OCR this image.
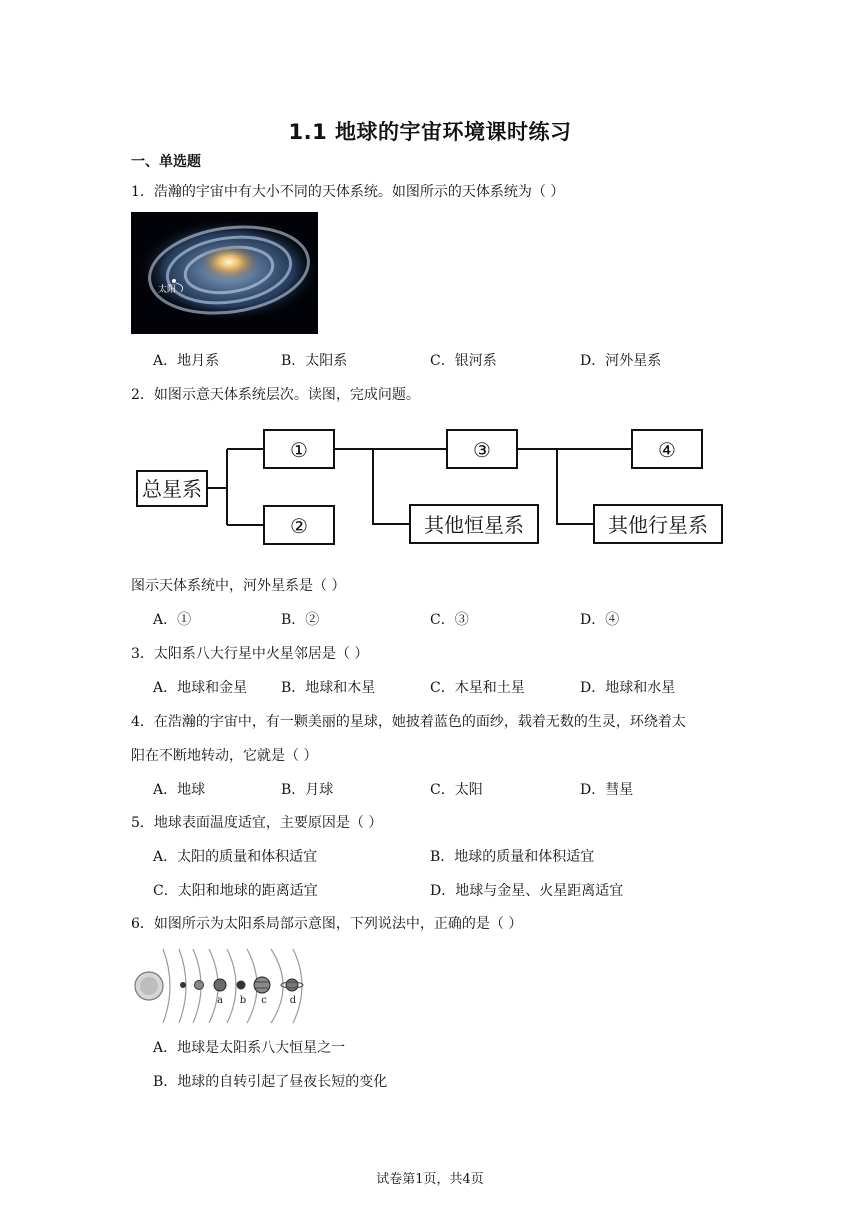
1.1 地球的宇宙环境课时练习
一、单选题
1．浩瀚的宇宙中有大小不同的天体系统。如图所示的天体系统为（ ）
太阳
A．地月系	B．太阳系	C．银河系	D．河外星系
2．如图示意天体系统层次。读图，完成问题。
总星系
①
②
③
其他恒星系
④
其他行星系
图示天体系统中，河外星系是（ ）
A．①	B．②	C．③	D．④
3．太阳系八大行星中火星邻居是（ ）
A．地球和金星 B．地球和木星	C．木星和土星	D．地球和水星
4．在浩瀚的宇宙中，有一颗美丽的星球，她披着蓝色的面纱，载着无数的生灵，环绕着太
阳在不断地转动，它就是（ ）
A．地球	B．月球	C．太阳	D．彗星
5．地球表面温度适宜，主要原因是（ ）
A．太阳的质量和体积适宜	B．地球的质量和体积适宜
C．太阳和地球的距离适宜	D．地球与金星、火星距离适宜
6．如图所示为太阳系局部示意图，下列说法中，正确的是（ ）
a b c d
A．地球是太阳系八大恒星之一
B．地球的自转引起了昼夜长短的变化
试卷第1页，共4页
